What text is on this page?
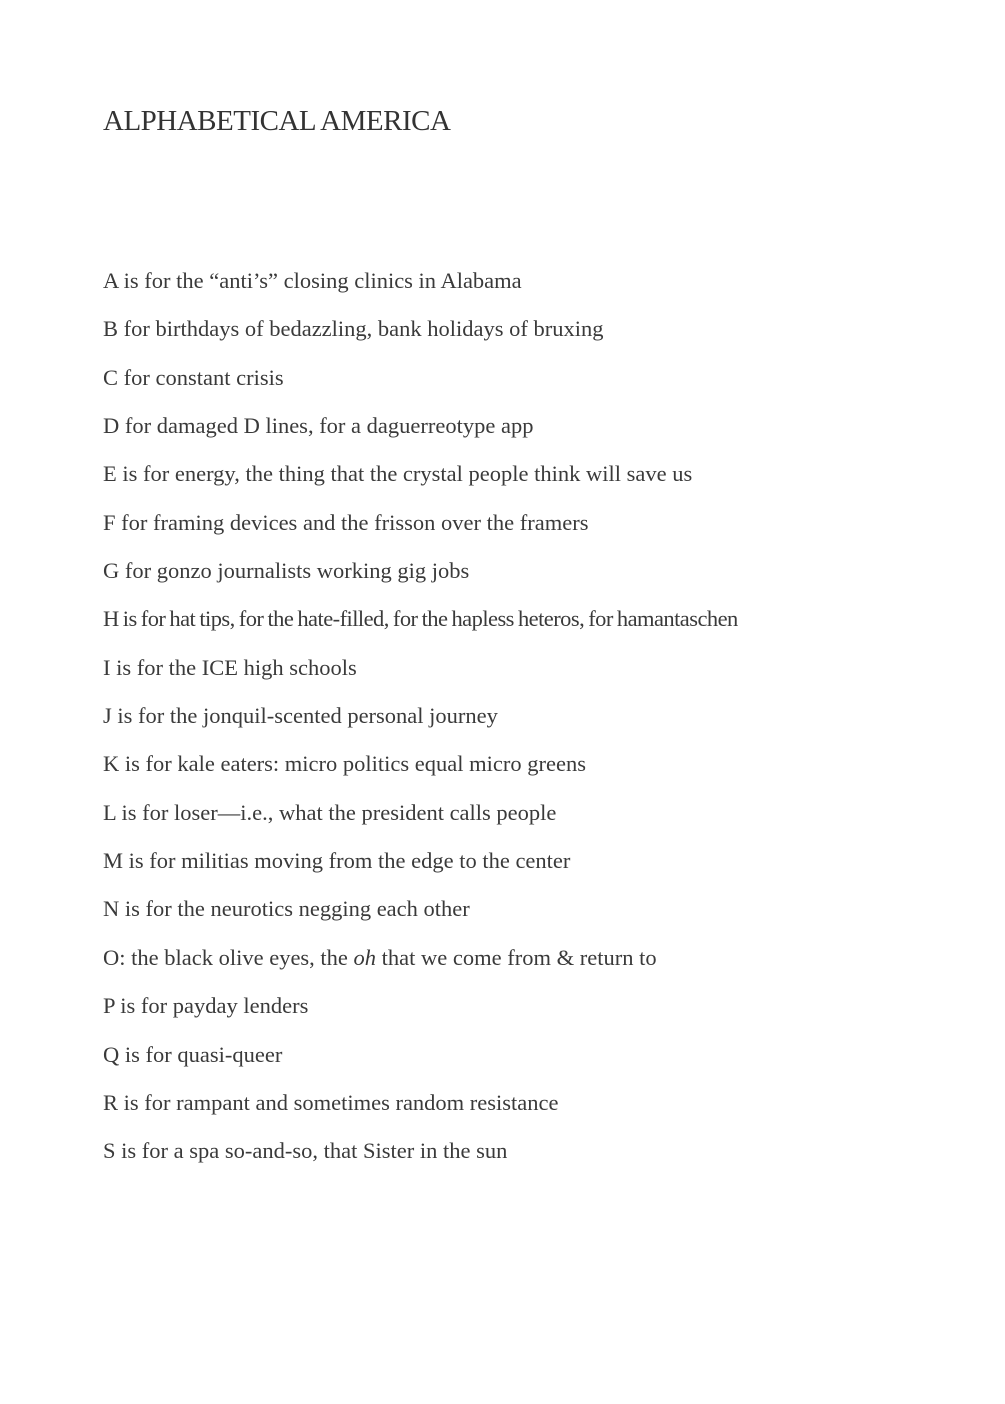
ALPHABETICAL AMERICA
A is for the “anti’s” closing clinics in Alabama
B for birthdays of bedazzling, bank holidays of bruxing
C for constant crisis
D for damaged D lines, for a daguerreotype app
E is for energy, the thing that the crystal people think will save us
F for framing devices and the frisson over the framers
G for gonzo journalists working gig jobs
H is for hat tips, for the hate-filled, for the hapless heteros, for hamantaschen
I is for the ICE high schools
J is for the jonquil-scented personal journey
K is for kale eaters: micro politics equal micro greens
L is for loser—i.e., what the president calls people
M is for militias moving from the edge to the center
N is for the neurotics negging each other
O: the black olive eyes, the oh that we come from & return to
P is for payday lenders
Q is for quasi-queer
R is for rampant and sometimes random resistance
S is for a spa so-and-so, that Sister in the sun
